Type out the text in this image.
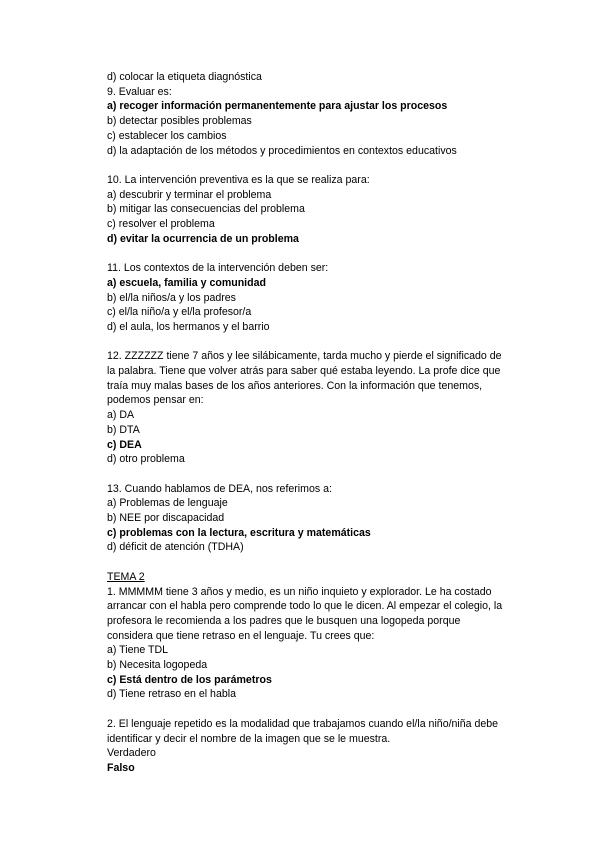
d) colocar la etiqueta diagnóstica
9. Evaluar es:
a) recoger información permanentemente para ajustar los procesos
b) detectar posibles problemas
c) establecer los cambios
d) la adaptación de los métodos y procedimientos en contextos educativos
10. La intervención preventiva es la que se realiza para:
a) descubrir y terminar el problema
b) mitigar las consecuencias del problema
c) resolver el problema
d) evitar la ocurrencia de un problema
11. Los contextos de la intervención deben ser:
a) escuela, familia y comunidad
b) el/la niños/a y los padres
c) el/la niño/a y el/la profesor/a
d) el aula, los hermanos y el barrio
12. ZZZZZZ tiene 7 años y lee silábicamente, tarda mucho y pierde el significado de
la palabra. Tiene que volver atrás para saber qué estaba leyendo. La profe dice que
traía muy malas bases de los años anteriores. Con la información que tenemos,
podemos pensar en:
a) DA
b) DTA
c) DEA
d) otro problema
13. Cuando hablamos de DEA, nos referimos a:
a) Problemas de lenguaje
b) NEE por discapacidad
c) problemas con la lectura, escritura y matemáticas
d) déficit de atención (TDHA)
TEMA 2
1. MMMMM tiene 3 años y medio, es un niño inquieto y explorador. Le ha costado
arrancar con el habla pero comprende todo lo que le dicen. Al empezar el colegio, la
profesora le recomienda a los padres que le busquen una logopeda porque
considera que tiene retraso en el lenguaje. Tu crees que:
a) Tiene TDL
b) Necesita logopeda
c) Está dentro de los parámetros
d) Tiene retraso en el habla
2. El lenguaje repetido es la modalidad que trabajamos cuando el/la niño/niña debe
identificar y decir el nombre de la imagen que se le muestra.
Verdadero
Falso
